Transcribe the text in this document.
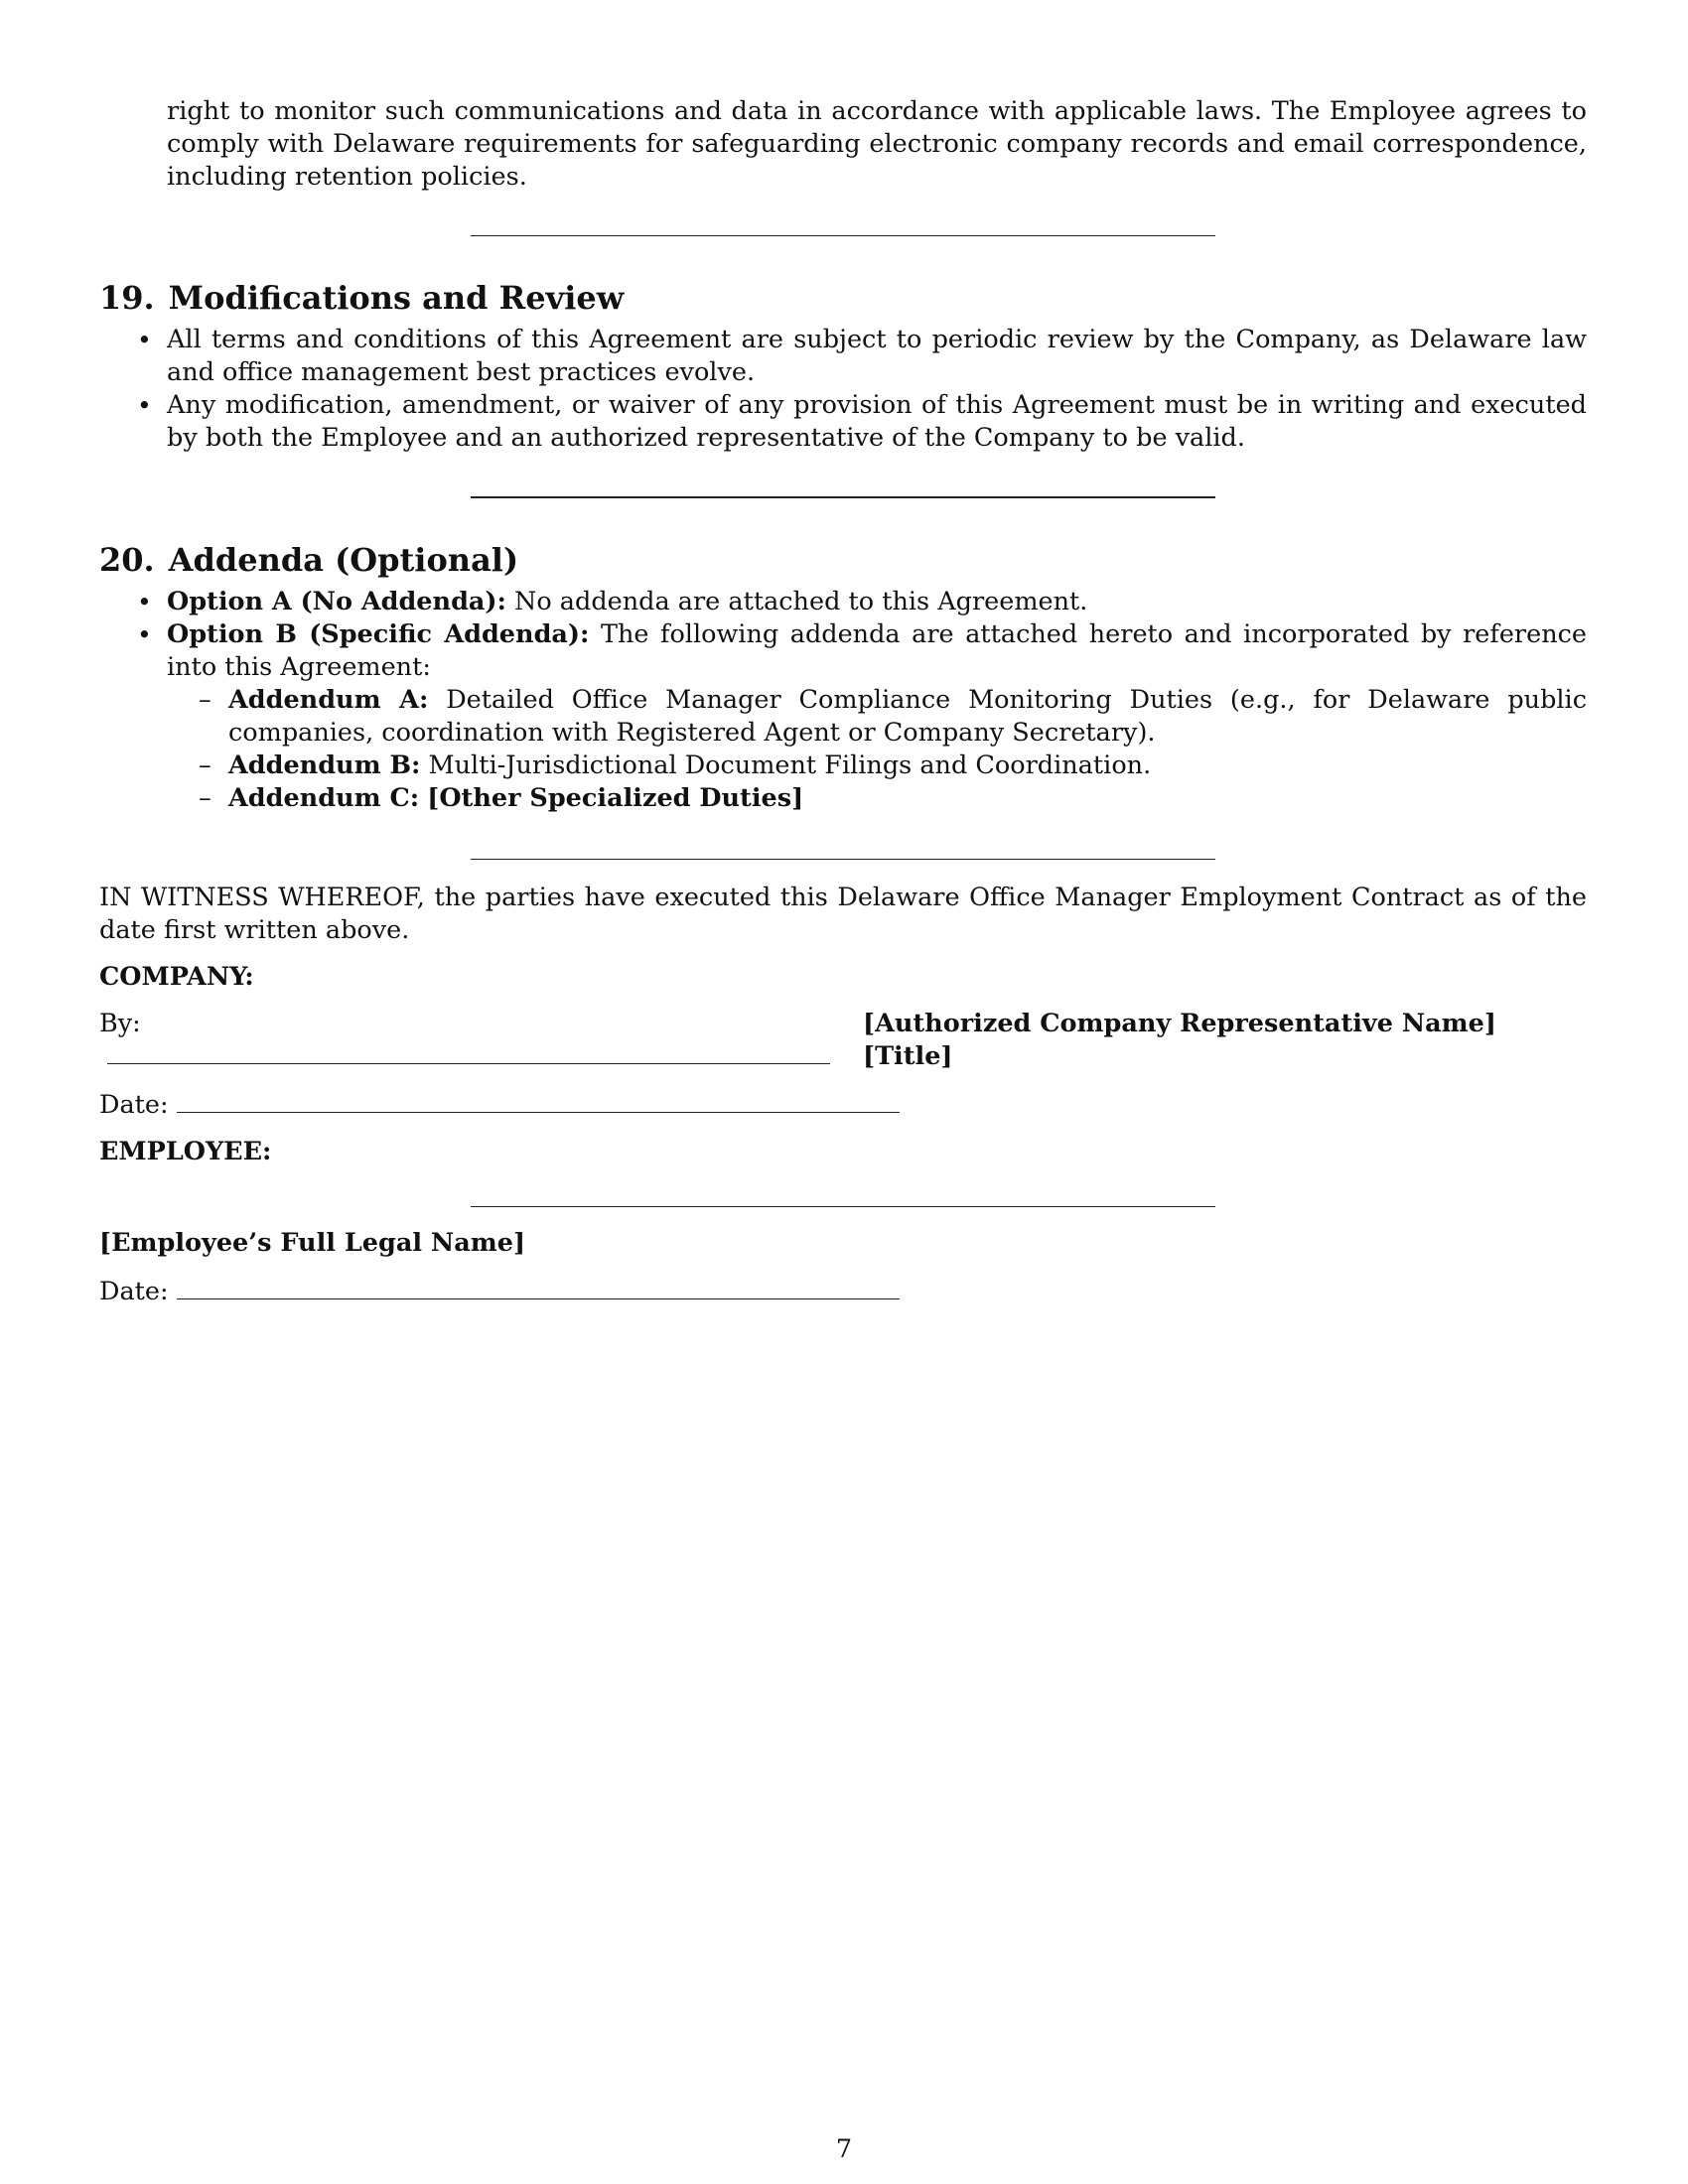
right to monitor such communications and data in accordance with applicable laws. The Employee agrees to comply with Delaware requirements for safeguarding electronic company records and email correspondence, including retention policies.

19. Modifications and Review
• All terms and conditions of this Agreement are subject to periodic review by the Company, as Delaware law and office management best practices evolve.
• Any modification, amendment, or waiver of any provision of this Agreement must be in writing and executed by both the Employee and an authorized representative of the Company to be valid.
20. Addenda (Optional)
• Option A (No Addenda): No addenda are attached to this Agreement.
• Option B (Specific Addenda): The following addenda are attached hereto and incorporated by reference into this Agreement:
– Addendum A: Detailed Office Manager Compliance Monitoring Duties (e.g., for Delaware public companies, coordination with Registered Agent or Company Secretary).
– Addendum B: Multi-Jurisdictional Document Filings and Coordination.
– Addendum C: [Other Specialized Duties]

IN WITNESS WHEREOF, the parties have executed this Delaware Office Manager Employment Contract as of the date first written above.

COMPANY:
By:	[Authorized Company Representative Name] [Title]
Date:
EMPLOYEE:
[Employee’s Full Legal Name]
Date:
7
